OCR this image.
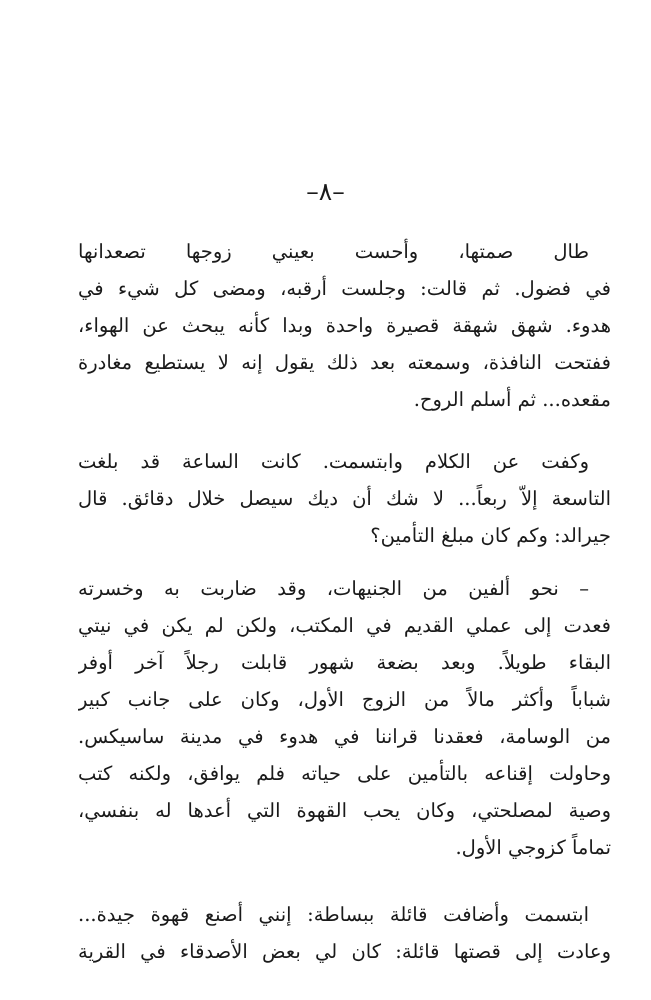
–٨–
طال صمتها، وأحست بعيني زوجها تصعدانها
في فضول. ثم قالت: وجلست أرقبه، ومضى كل شيء في
هدوء. شهق شهقة قصيرة واحدة وبدا كأنه يبحث عن الهواء،
ففتحت النافذة، وسمعته بعد ذلك يقول إنه لا يستطيع مغادرة
مقعده... ثم أسلم الروح.
وكفت عن الكلام وابتسمت. كانت الساعة قد بلغت
التاسعة إلاّ ربعاً... لا شك أن ديك سيصل خلال دقائق. قال
جيرالد: وكم كان مبلغ التأمين؟
– نحو ألفين من الجنيهات، وقد ضاربت به وخسرته
فعدت إلى عملي القديم في المكتب، ولكن لم يكن في نيتي
البقاء طويلاً. وبعد بضعة شهور قابلت رجلاً آخر أوفر
شباباً وأكثر مالاً من الزوج الأول، وكان على جانب كبير
من الوسامة، فعقدنا قراننا في هدوء في مدينة ساسيكس.
وحاولت إقناعه بالتأمين على حياته فلم يوافق، ولكنه كتب
وصية لمصلحتي، وكان يحب القهوة التي أعدها له بنفسي،
تماماً كزوجي الأول.
ابتسمت وأضافت قائلة ببساطة: إنني أصنع قهوة جيدة...
وعادت إلى قصتها قائلة: كان لي بعض الأصدقاء في القرية
